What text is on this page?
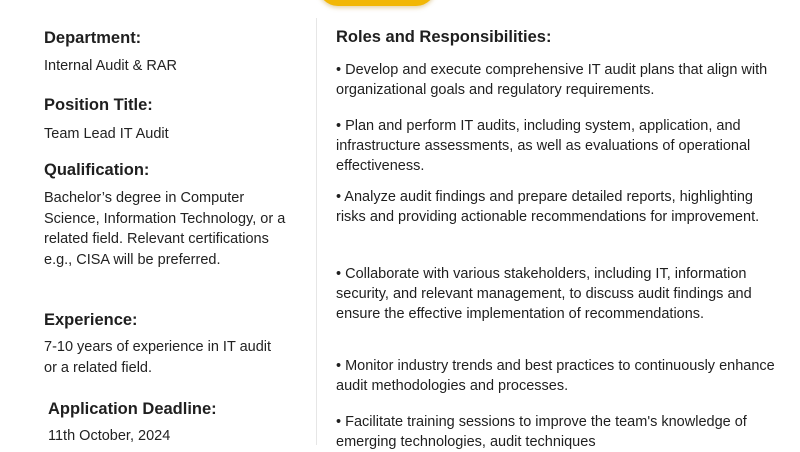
Department:
Internal Audit & RAR
Position Title:
Team Lead IT Audit
Qualification:
Bachelor’s degree in Computer Science, Information Technology, or a related field. Relevant certifications e.g., CISA will be preferred.
Experience:
7-10 years of experience in IT audit or a related field.
Application Deadline:
11th October, 2024
Roles and Responsibilities:
• Develop and execute comprehensive IT audit plans that align with organizational goals and regulatory requirements.
• Plan and perform IT audits, including system, application, and infrastructure assessments, as well as evaluations of operational effectiveness.
• Analyze audit findings and prepare detailed reports, highlighting risks and providing actionable recommendations for improvement.
• Collaborate with various stakeholders, including IT, information security, and relevant management, to discuss audit findings and ensure the effective implementation of recommendations.
• Monitor industry trends and best practices to continuously enhance audit methodologies and processes.
• Facilitate training sessions to improve the team's knowledge of emerging technologies, audit techniques
